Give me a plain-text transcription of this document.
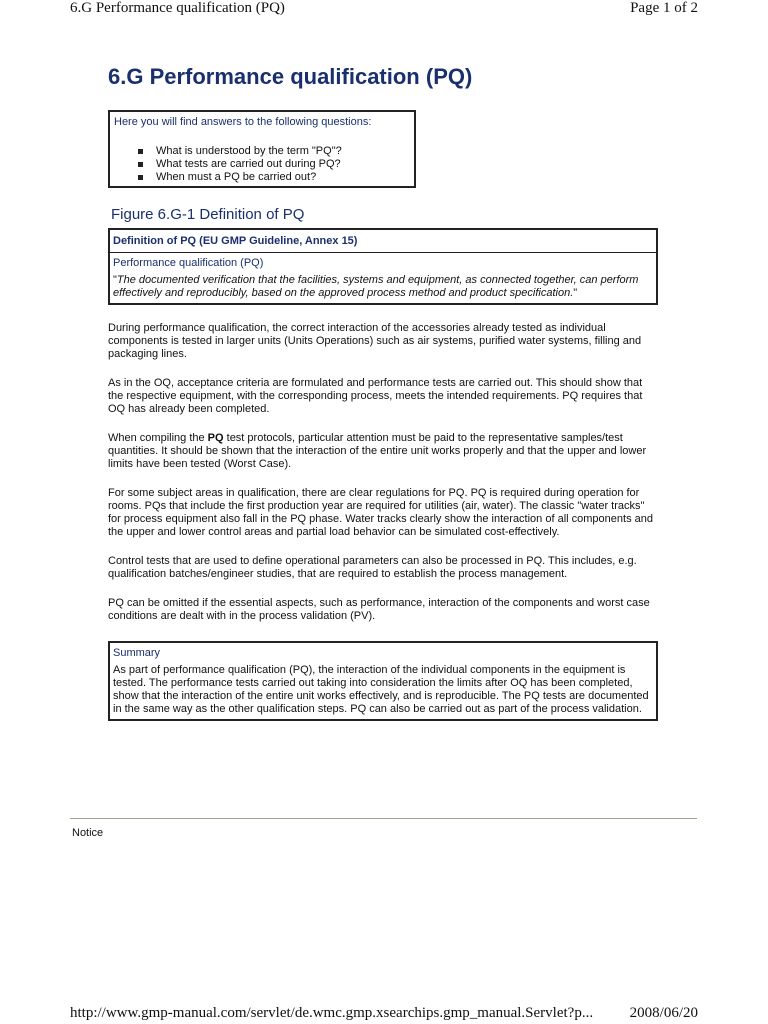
6.G Performance qualification (PQ)	Page 1 of 2
6.G Performance qualification (PQ)
Here you will find answers to the following questions:
What is understood by the term "PQ"?
What tests are carried out during PQ?
When must a PQ be carried out?
Figure 6.G-1 Definition of PQ
Definition of PQ (EU GMP Guideline, Annex 15)
Performance qualification (PQ)
"The documented verification that the facilities, systems and equipment, as connected together, can perform effectively and reproducibly, based on the approved process method and product specification."

During performance qualification, the correct interaction of the accessories already tested as individual components is tested in larger units (Units Operations) such as air systems, purified water systems, filling and packaging lines.

As in the OQ, acceptance criteria are formulated and performance tests are carried out. This should show that the respective equipment, with the corresponding process, meets the intended requirements. PQ requires that OQ has already been completed.

When compiling the PQ test protocols, particular attention must be paid to the representative samples/test quantities. It should be shown that the interaction of the entire unit works properly and that the upper and lower limits have been tested (Worst Case).

For some subject areas in qualification, there are clear regulations for PQ. PQ is required during operation for rooms. PQs that include the first production year are required for utilities (air, water). The classic "water tracks" for process equipment also fall in the PQ phase. Water tracks clearly show the interaction of all components and the upper and lower control areas and partial load behavior can be simulated cost-effectively.

Control tests that are used to define operational parameters can also be processed in PQ. This includes, e.g. qualification batches/engineer studies, that are required to establish the process management.

PQ can be omitted if the essential aspects, such as performance, interaction of the components and worst case conditions are dealt with in the process validation (PV).

Summary
As part of performance qualification (PQ), the interaction of the individual components in the equipment is tested. The performance tests carried out taking into consideration the limits after OQ has been completed, show that the interaction of the entire unit works effectively, and is reproducible. The PQ tests are documented in the same way as the other qualification steps. PQ can also be carried out as part of the process validation.
Notice
http://www.gmp-manual.com/servlet/de.wmc.gmp.xsearchips.gmp_manual.Servlet?p... 2008/06/20
